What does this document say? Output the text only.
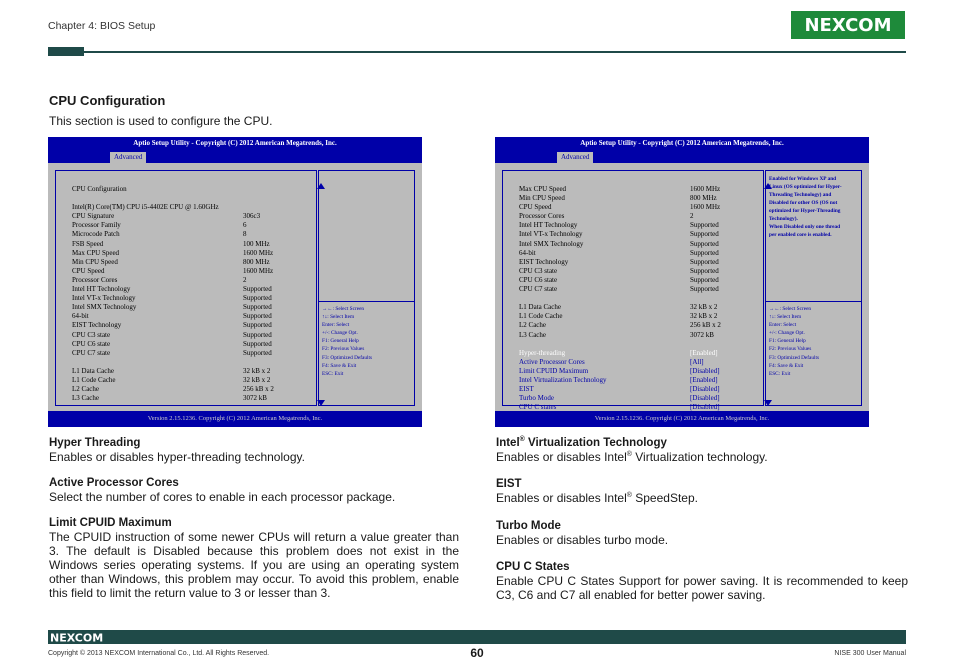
Chapter 4: BIOS Setup	NEXCOM
CPU Configuration
This section is used to configure the CPU.
Aptio Setup Utility - Copyright (C) 2012 American Megatrends, Inc.
Advanced
CPU Configuration
Intel(R) Core(TM) CPU i5-4402E CPU @ 1.60GHz
CPU Signature	306c3
Processor Family	6
Microcode Patch	8
FSB Speed	100 MHz
Max CPU Speed	1600 MHz
Min CPU Speed	800 MHz
CPU Speed	1600 MHz
Processor Cores	2
Intel HT Technology	Supported
Intel VT-x Technology	Supported
Intel SMX Technology	Supported
64-bit	Supported
EIST Technology	Supported
CPU C3 state	Supported
CPU C6 state	Supported
CPU C7 state	Supported
L1 Data Cache	32 kB x 2
L1 Code Cache	32 kB x 2
L2 Cache	256 kB x 2
L3 Cache	3072 kB
→←: Select Screen
↑↓: Select Item
Enter: Select
+/-: Change Opt.
F1: General Help
F2: Previous Values
F3: Optimized Defaults
F4: Save & Exit
ESC: Exit
Version 2.15.1236. Copyright (C) 2012 American Megatrends, Inc.
Aptio Setup Utility - Copyright (C) 2012 American Megatrends, Inc.
Advanced
Max CPU Speed	1600 MHz
Min CPU Speed	800 MHz
CPU Speed	1600 MHz
Processor Cores	2
Intel HT Technology	Supported
Intel VT-x Technology	Supported
Intel SMX Technology	Supported
64-bit	Supported
EIST Technology	Supported
CPU C3 state	Supported
CPU C6 state	Supported
CPU C7 state	Supported
L1 Data Cache	32 kB x 2
L1 Code Cache	32 kB x 2
L2 Cache	256 kB x 2
L3 Cache	3072 kB
Hyper-threading	[Enabled]
Active Processor Cores	[All]
Limit CPUID Maximum	[Disabled]
Intel Virtualization Technology	[Enabled]
EIST	[Disabled]
Turbo Mode	[Disabled]
CPU C states	[Disabled]
Enabled for Windows XP and
Linux (OS optimized for Hyper-
Threading Technology) and
Disabled for other OS (OS not
optimized for Hyper-Threading
Technology).
When Disabled only one thread
per enabled core is enabled.
→←: Select Screen
↑↓: Select Item
Enter: Select
+/-: Change Opt.
F1: General Help
F2: Previous Values
F3: Optimized Defaults
F4: Save & Exit
ESC: Exit
Version 2.15.1236. Copyright (C) 2012 American Megatrends, Inc.
Hyper Threading
Enables or disables hyper-threading technology.
Active Processor Cores
Select the number of cores to enable in each processor package.
Limit CPUID Maximum
The CPUID instruction of some newer CPUs will return a value greater than 3. The default is Disabled because this problem does not exist in the Windows series operating systems. If you are using an operating system other than Windows, this problem may occur. To avoid this problem, enable this field to limit the return value to 3 or lesser than 3.
Intel® Virtualization Technology
Enables or disables Intel® Virtualization technology.
EIST
Enables or disables Intel® SpeedStep.
Turbo Mode
Enables or disables turbo mode.
CPU C States
Enable CPU C States Support for power saving. It is recommended to keep C3, C6 and C7 all enabled for better power saving.
NEXCOM
60
Copyright © 2013 NEXCOM International Co., Ltd. All Rights Reserved.	NISE 300 User Manual
